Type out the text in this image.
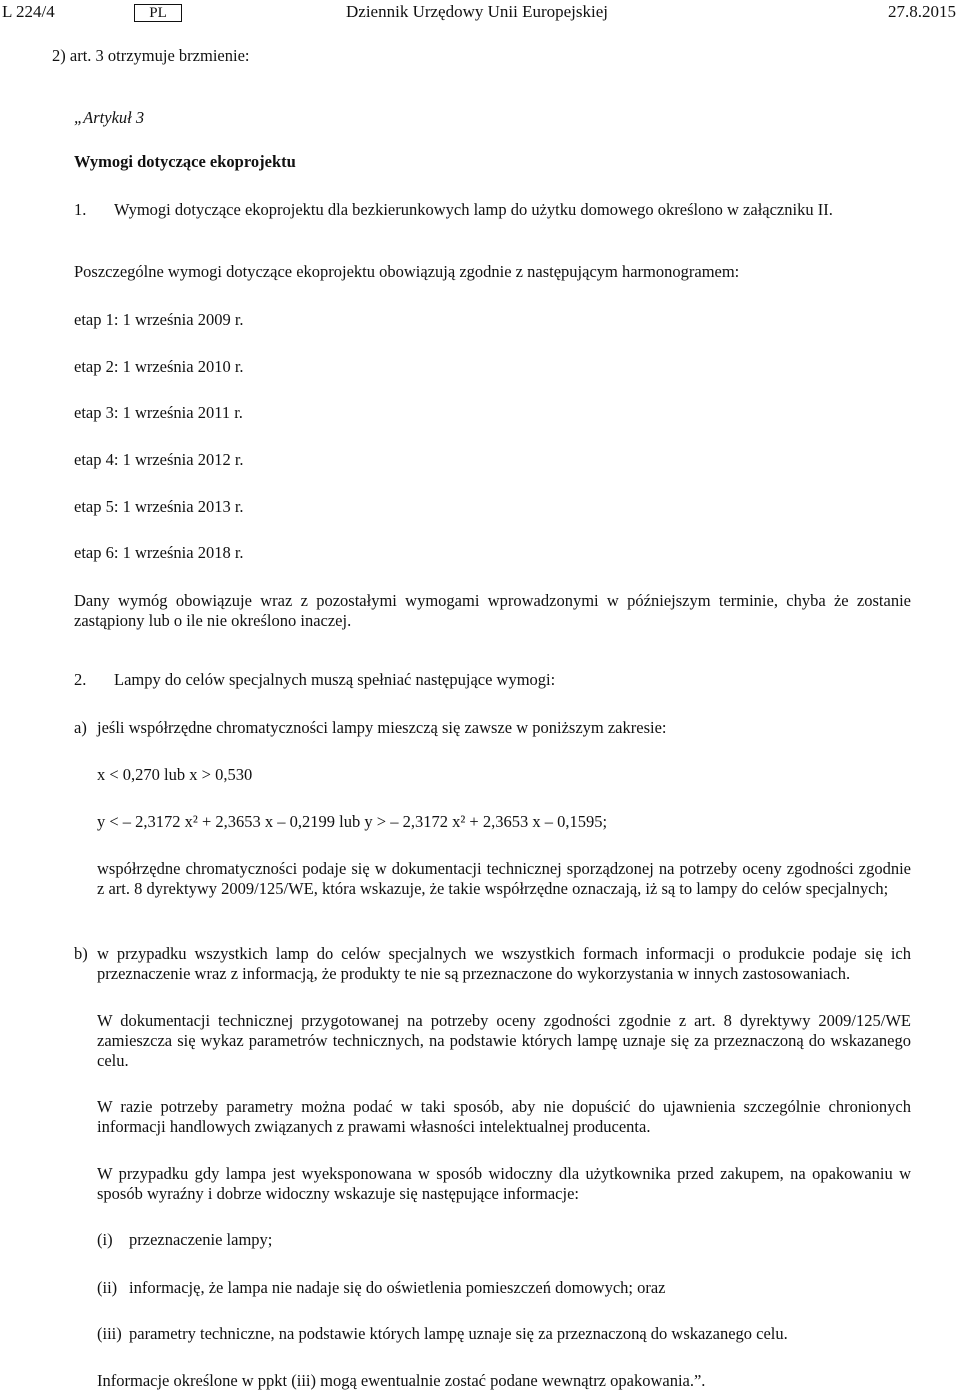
L 224/4	PL	Dziennik Urzędowy Unii Europejskiej	27.8.2015
2) art. 3 otrzymuje brzmienie:
„Artykuł 3
Wymogi dotyczące ekoprojektu
1. Wymogi dotyczące ekoprojektu dla bezkierunkowych lamp do użytku domowego określono w załączniku II.
Poszczególne wymogi dotyczące ekoprojektu obowiązują zgodnie z następującym harmonogramem:
etap 1: 1 września 2009 r.
etap 2: 1 września 2010 r.
etap 3: 1 września 2011 r.
etap 4: 1 września 2012 r.
etap 5: 1 września 2013 r.
etap 6: 1 września 2018 r.
Dany wymóg obowiązuje wraz z pozostałymi wymogami wprowadzonymi w późniejszym terminie, chyba że zostanie zastąpiony lub o ile nie określono inaczej.
2. Lampy do celów specjalnych muszą spełniać następujące wymogi:
a) jeśli współrzędne chromatyczności lampy mieszczą się zawsze w poniższym zakresie:
x < 0,270 lub x > 0,530
y < – 2,3172 x² + 2,3653 x – 0,2199 lub y > – 2,3172 x² + 2,3653 x – 0,1595;
współrzędne chromatyczności podaje się w dokumentacji technicznej sporządzonej na potrzeby oceny zgodności zgodnie z art. 8 dyrektywy 2009/125/WE, która wskazuje, że takie współrzędne oznaczają, iż są to lampy do celów specjalnych;
b) w przypadku wszystkich lamp do celów specjalnych we wszystkich formach informacji o produkcie podaje się ich przeznaczenie wraz z informacją, że produkty te nie są przeznaczone do wykorzystania w innych zastosowaniach.
W dokumentacji technicznej przygotowanej na potrzeby oceny zgodności zgodnie z art. 8 dyrektywy 2009/125/WE zamieszcza się wykaz parametrów technicznych, na podstawie których lampę uznaje się za przeznaczoną do wskazanego celu.
W razie potrzeby parametry można podać w taki sposób, aby nie dopuścić do ujawnienia szczególnie chronionych informacji handlowych związanych z prawami własności intelektualnej producenta.
W przypadku gdy lampa jest wyeksponowana w sposób widoczny dla użytkownika przed zakupem, na opakowaniu w sposób wyraźny i dobrze widoczny wskazuje się następujące informacje:
(i) przeznaczenie lampy;
(ii) informację, że lampa nie nadaje się do oświetlenia pomieszczeń domowych; oraz
(iii) parametry techniczne, na podstawie których lampę uznaje się za przeznaczoną do wskazanego celu.
Informacje określone w ppkt (iii) mogą ewentualnie zostać podane wewnątrz opakowania.”.
